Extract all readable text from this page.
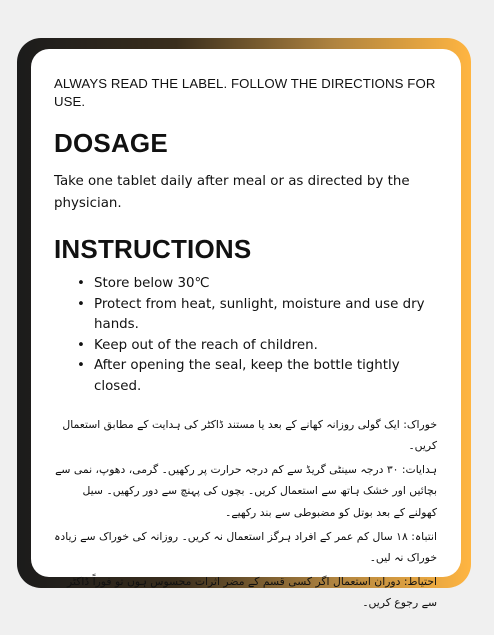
ALWAYS READ THE LABEL. FOLLOW THE DIRECTIONS FOR USE.

DOSAGE

Take one tablet daily after meal or as directed by the physician.

INSTRUCTIONS
• Store below 30℃
• Protect from heat, sunlight, moisture and use dry hands.
• Keep out of the reach of children.
• After opening the seal, keep the bottle tightly closed.

خوراک: ایک گولی روزانہ کھانے کے بعد یا مستند ڈاکٹر کی ہدایت کے مطابق استعمال کریں۔

ہدایات: ۳۰ درجہ سینٹی گریڈ سے کم درجہ حرارت پر رکھیں۔ گرمی، دھوپ، نمی سے بچائیں اور خشک ہاتھ سے استعمال کریں۔ بچوں کی پہنچ سے دور رکھیں۔ سیل کھولنے کے بعد بوتل کو مضبوطی سے بند رکھیے۔

انتباہ: ۱۸ سال کم عمر کے افراد ہرگز استعمال نہ کریں۔ روزانہ کی خوراک سے زیادہ خوراک نہ لیں۔

احتیاط: دوران استعمال اگر کسی قسم کے مضر اثرات محسوس ہوں تو فوراً ڈاکٹر سے رجوع کریں۔
